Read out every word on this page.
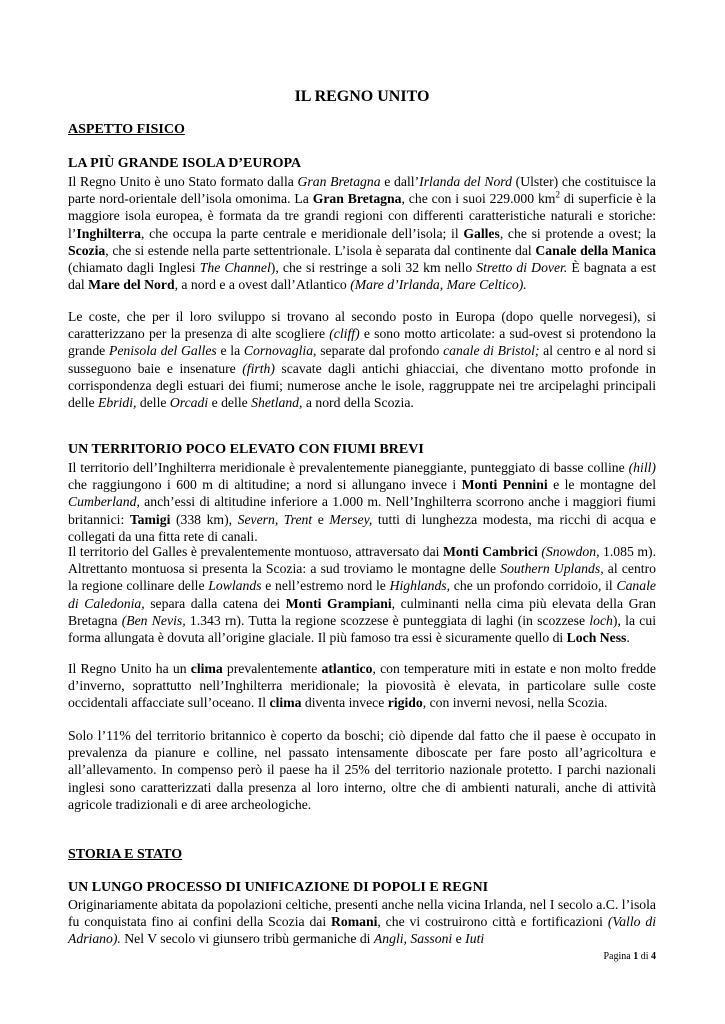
IL REGNO UNITO
ASPETTO FISICO
LA PIÙ GRANDE ISOLA D’EUROPA

Il Regno Unito è uno Stato formato dalla Gran Bretagna e dall’Irlanda del Nord (Ulster) che costituisce la parte nord-orientale dell’isola omonima. La Gran Bretagna, che con i suoi 229.000 $km^2$ di superficie è la maggiore isola europea, è formata da tre grandi regioni con differenti caratteristiche naturali e storiche: l’Inghilterra, che occupa la parte centrale e meridionale dell’isola; il Galles, che si protende a ovest; la Scozia, che si estende nella parte settentrionale. L’isola è separata dal continente dal Canale della Manica (chiamato dagli Inglesi The Channel), che si restringe a soli 32 km nello Stretto di Dover. È bagnata a est dal Mare del Nord, a nord e a ovest dall’Atlantico (Mare d’Irlanda, Mare Celtico).

Le coste, che per il loro sviluppo si trovano al secondo posto in Europa (dopo quelle norvegesi), si caratterizzano per la presenza di alte scogliere (cliff) e sono motto articolate: a sud-ovest si protendono la grande Penisola del Galles e la Cornovaglia, separate dal profondo canale di Bristol; al centro e al nord si susseguono baie e insenature (firth) scavate dagli antichi ghiacciai, che diventano motto profonde in corrispondenza degli estuari dei fiumi; numerose anche le isole, raggruppate nei tre arcipelaghi principali delle Ebridi, delle Orcadi e delle Shetland, a nord della Scozia.

UN TERRITORIO POCO ELEVATO CON FIUMI BREVI

Il territorio dell’Inghilterra meridionale è prevalentemente pianeggiante, punteggiato di basse colline (hill) che raggiungono i 600 m di altitudine; a nord si allungano invece i Monti Pennini e le montagne del Cumberland, anch’essi di altitudine inferiore a 1.000 m. Nell’Inghilterra scorrono anche i maggiori fiumi britannici: Tamigi (338 km), Severn, Trent e Mersey, tutti di lunghezza modesta, ma ricchi di acqua e collegati da una fitta rete di canali.

Il territorio del Galles è prevalentemente montuoso, attraversato dai Monti Cambrici (Snowdon, 1.085 m). Altrettanto montuosa si presenta la Scozia: a sud troviamo le montagne delle Southern Uplands, al centro la regione collinare delle Lowlands e nell’estremo nord le Highlands, che un profondo corridoio, il Canale di Caledonia, separa dalla catena dei Monti Grampiani, culminanti nella cima più elevata della Gran Bretagna (Ben Nevis, 1.343 rn). Tutta la regione scozzese è punteggiata di laghi (in scozzese loch), la cui forma allungata è dovuta all’origine glaciale. Il più famoso tra essi è sicuramente quello di Loch Ness.

Il Regno Unito ha un clima prevalentemente atlantico, con temperature miti in estate e non molto fredde d’inverno, soprattutto nell’Inghilterra meridionale; la piovosità è elevata, in particolare sulle coste occidentali affacciate sull’oceano. Il clima diventa invece rigido, con inverni nevosi, nella Scozia.

Solo l’11% del territorio britannico è coperto da boschi; ciò dipende dal fatto che il paese è occupato in prevalenza da pianure e colline, nel passato intensamente diboscate per fare posto all’agricoltura e all’allevamento. In compenso però il paese ha il 25% del territorio nazionale protetto. I parchi nazionali inglesi sono caratterizzati dalla presenza al loro interno, oltre che di ambienti naturali, anche di attività agricole tradizionali e di aree archeologiche.

STORIA E STATO
UN LUNGO PROCESSO DI UNIFICAZIONE DI POPOLI E REGNI

Originariamente abitata da popolazioni celtiche, presenti anche nella vicina Irlanda, nel I secolo a.C. l’isola fu conquistata fino ai confini della Scozia dai Romani, che vi costruirono città e fortificazioni (Vallo di Adriano). Nel V secolo vi giunsero tribù germaniche di Angli, Sassoni e Iuti

Pagina 1 di 4
